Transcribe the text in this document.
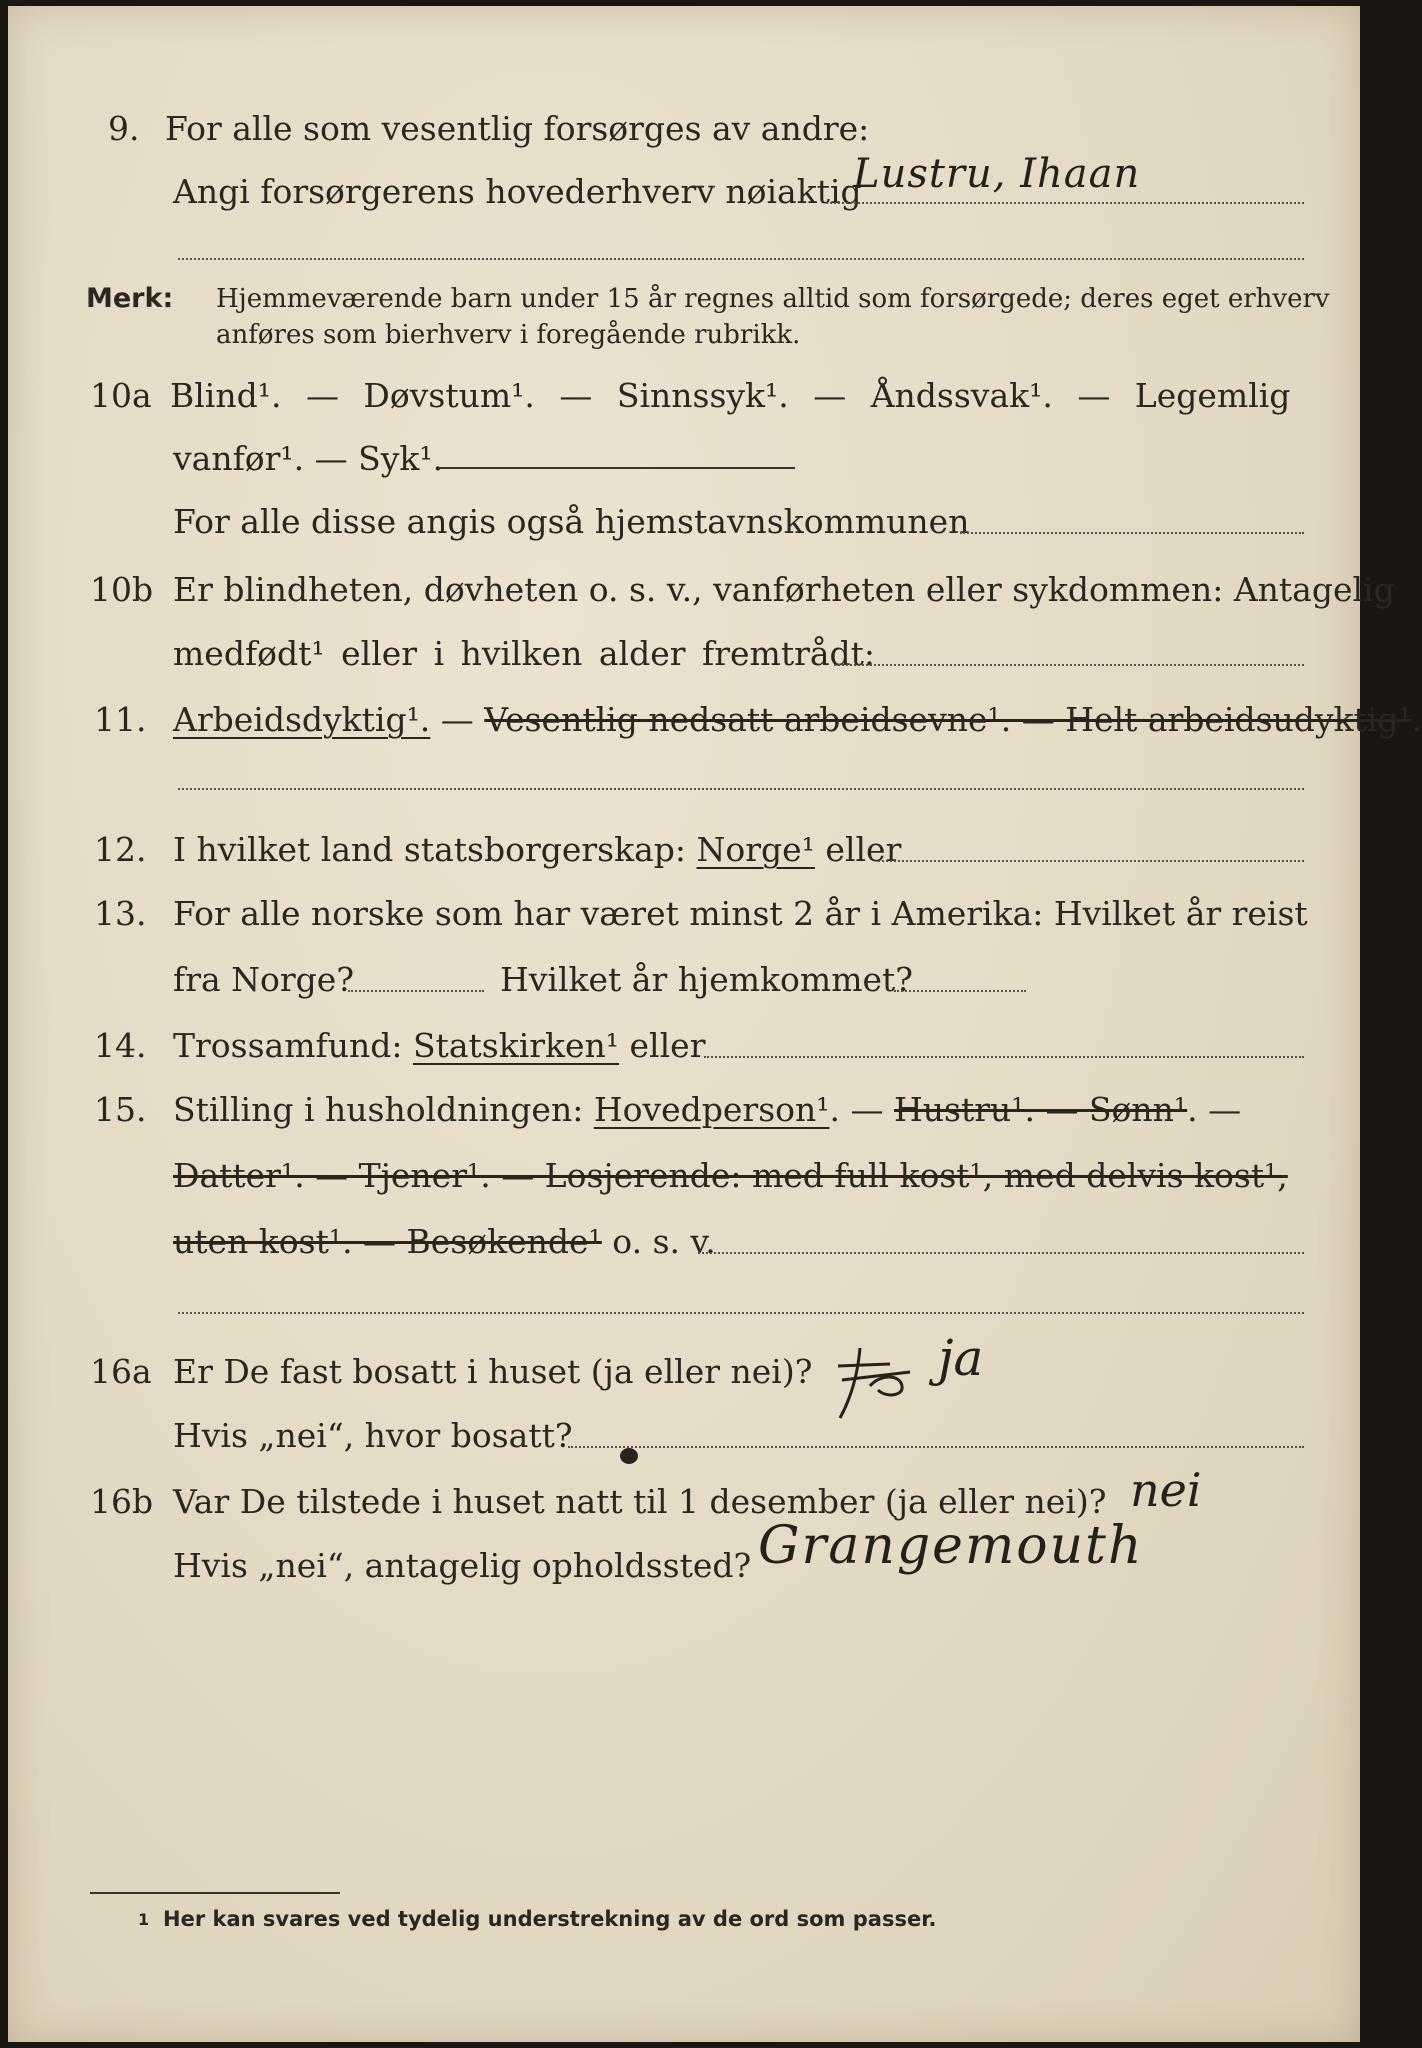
9. For alle som vesentlig forsørges av andre:
Angi forsørgerens hovederhverv nøiaktig
Lustru, Ihaan
Merk: Hjemmeværende barn under 15 år regnes alltid som forsørgede; deres eget erhverv
anføres som bierhverv i foregående rubrikk.
10a Blind¹. — Døvstum¹. — Sinnssyk¹. — Åndssvak¹. — Legemlig
vanfør¹. — Syk¹.
For alle disse angis også hjemstavnskommunen
10b Er blindheten, døvheten o. s. v., vanførheten eller sykdommen: Antagelig
medfødt¹ eller i hvilken alder fremtrådt:
11. Arbeidsdyktig¹. — Vesentlig nedsatt arbeidsevne¹. — Helt arbeidsudyktig¹.
12. I hvilket land statsborgerskap: Norge¹ eller
13. For alle norske som har været minst 2 år i Amerika: Hvilket år reist
fra Norge?	Hvilket år hjemkommet?
14. Trossamfund: Statskirken¹ eller
15. Stilling i husholdningen: Hovedperson¹. — Hustru¹. — Sønn¹. —
Datter¹. — Tjener¹. — Losjerende: med full kost¹, med delvis kost¹,
uten kost¹. — Besøkende¹ o. s. v.
16a Er De fast bosatt i huset (ja eller nei)?	ja
Hvis „nei“, hvor bosatt?
16b Var De tilstede i huset natt til 1 desember (ja eller nei)? nei
Hvis „nei“, antagelig opholdssted? Grangemouth
1 Her kan svares ved tydelig understrekning av de ord som passer.
